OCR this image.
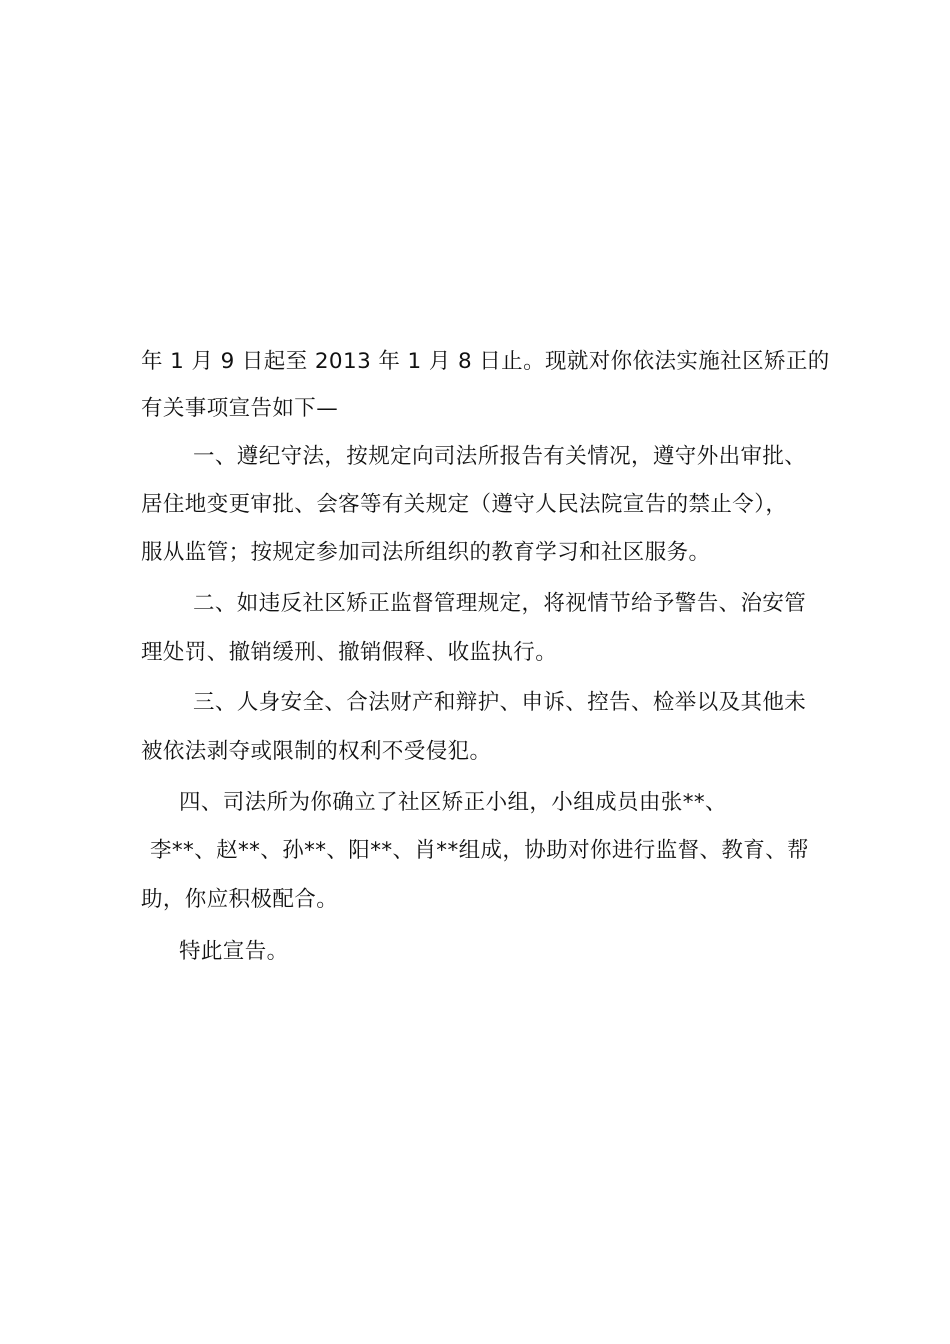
年 1 月 9 日起至 2013 年 1 月 8 日止。现就对你依法实施社区矫正的
有关事项宣告如下—
一、遵纪守法，按规定向司法所报告有关情况，遵守外出审批、
居住地变更审批、会客等有关规定（遵守人民法院宣告的禁止令），
服从监管；按规定参加司法所组织的教育学习和社区服务。
二、如违反社区矫正监督管理规定，将视情节给予警告、治安管
理处罚、撤销缓刑、撤销假释、收监执行。
三、人身安全、合法财产和辩护、申诉、控告、检举以及其他未
被依法剥夺或限制的权利不受侵犯。
四、司法所为你确立了社区矫正小组，小组成员由张**、
李**、赵**、孙**、阳**、肖**组成，协助对你进行监督、教育、帮
助，你应积极配合。
特此宣告。
